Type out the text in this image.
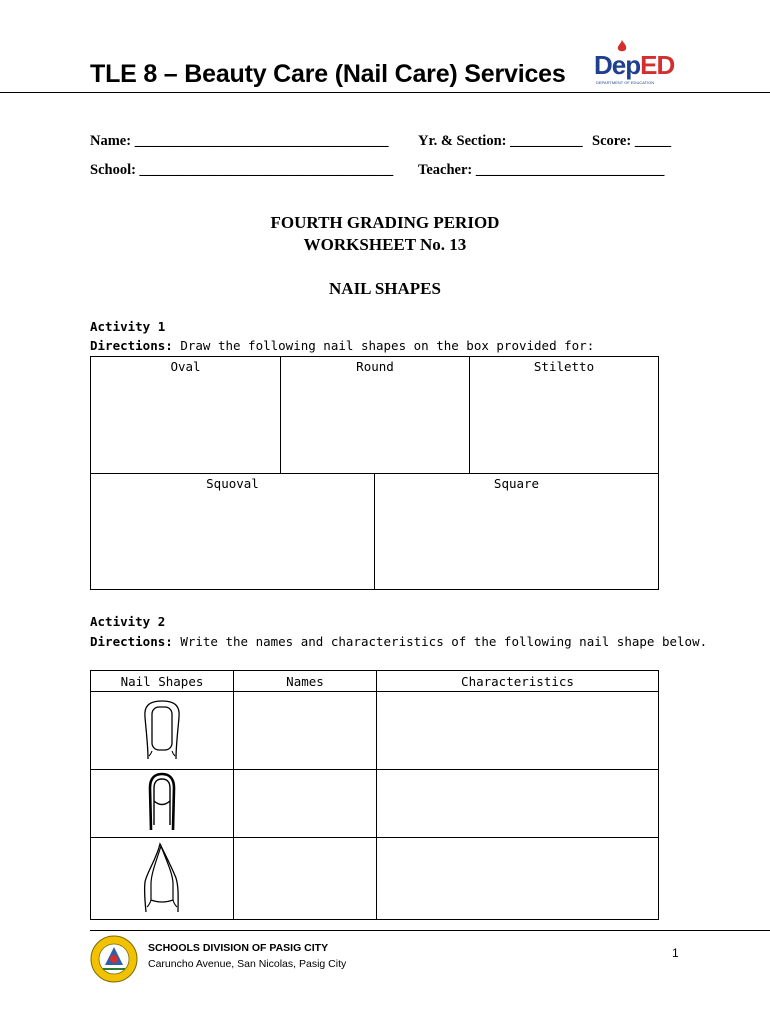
TLE 8 – Beauty Care (Nail Care) Services DepED
DEPARTMENT OF EDUCATION
Name: ___________________________________ Yr. & Section: __________ Score: _____
School: ___________________________________ Teacher: __________________________
FOURTH GRADING PERIOD
WORKSHEET No. 13
NAIL SHAPES
Activity 1
Directions: Draw the following nail shapes on the box provided for:
Oval	Round	Stiletto
Squoval	Square
Activity 2
Directions: Write the names and characteristics of the following nail shape below.
Nail Shapes	Names	Characteristics

SCHOOLS DIVISION OF PASIG CITY
Caruncho Avenue, San Nicolas, Pasig City
1
